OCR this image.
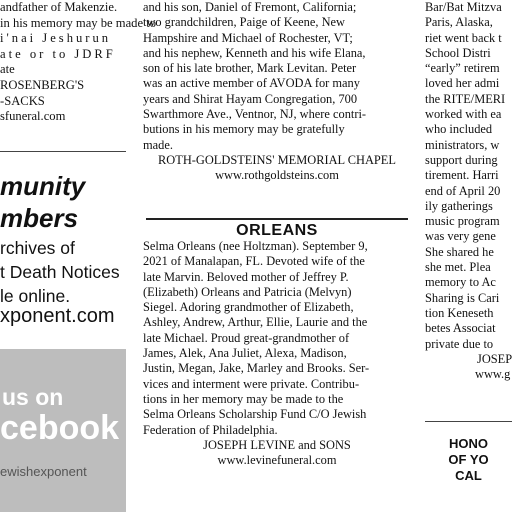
andfather of Makenzie.
in his memory may be made to
i'nai Jeshurun
ate or to JDRF
ate
ROSENBERG'S
-SACKS
sfuneral.com
munity
mbers
rchives of
t Death Notices
le online.
xponent.com
us on
cebook
ewishexponent
and his son, Daniel of Fremont, California;
two grandchildren, Paige of Keene, New
Hampshire and Michael of Rochester, VT;
and his nephew, Kenneth and his wife Elana,
son of his late brother, Mark Levitan. Peter
was an active member of AVODA for many
years and Shirat Hayam Congregation, 700
Swarthmore Ave., Ventnor, NJ, where contri-
butions in his memory may be gratefully
made.
ROTH-GOLDSTEINS' MEMORIAL CHAPEL
www.rothgoldsteins.com
ORLEANS
Selma Orleans (nee Holtzman). September 9,
2021 of Manalapan, FL. Devoted wife of the
late Marvin. Beloved mother of Jeffrey P.
(Elizabeth) Orleans and Patricia (Melvyn)
Siegel. Adoring grandmother of Elizabeth,
Ashley, Andrew, Arthur, Ellie, Laurie and the
late Michael. Proud great-grandmother of
James, Alek, Ana Juliet, Alexa, Madison,
Justin, Megan, Jake, Marley and Brooks. Ser-
vices and interment were private. Contribu-
tions in her memory may be made to the
Selma Orleans Scholarship Fund C/O Jewish
Federation of Philadelphia.
JOSEPH LEVINE and SONS
www.levinefuneral.com
Bar/Bat Mitzva
Paris, Alaska,
riet went back t
School Distri
“early” retirem
loved her admi
the RITE/MERI
worked with ea
who included
ministrators, w
support during
tirement. Harri
end of April 20
ily gatherings
music program
was very gene
She shared he
she met. Plea
memory to Ac
Sharing is Cari
tion Keneseth
betes Associat
private due to
JOSEP
www.g
HONO
OF YO
CAL
